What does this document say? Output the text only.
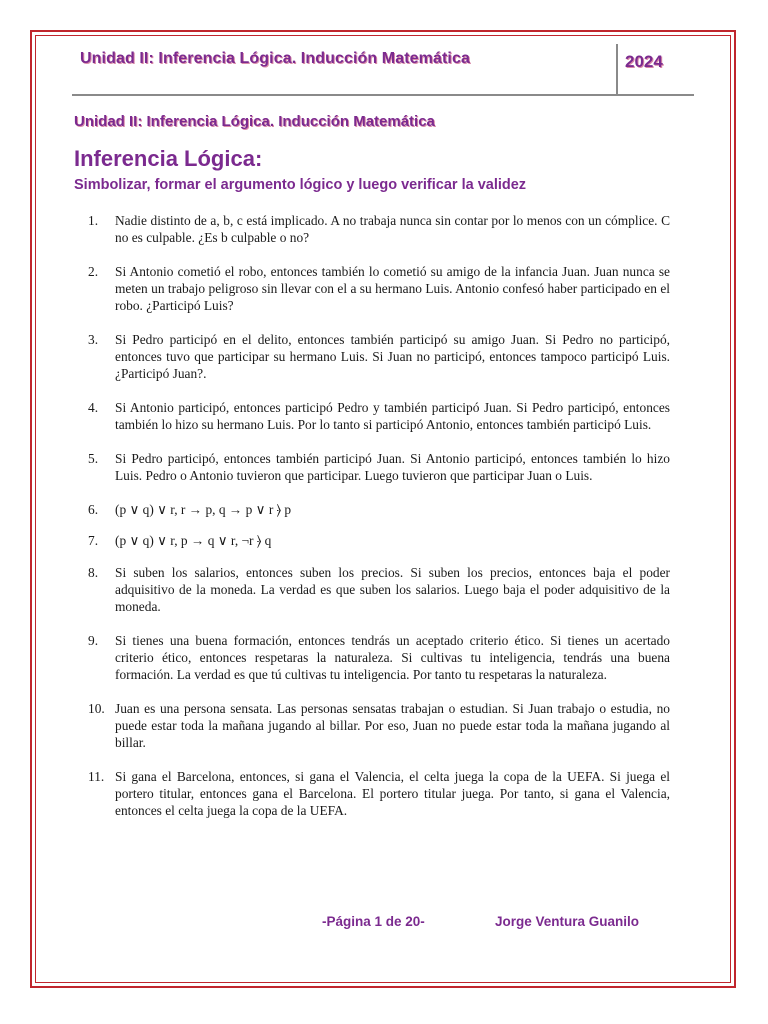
Unidad II: Inferencia Lógica. Inducción Matemática	2024
Unidad II: Inferencia Lógica. Inducción Matemática
Inferencia Lógica:
Simbolizar, formar el argumento lógico y luego verificar la validez
1.	Nadie distinto de a, b, c está implicado. A no trabaja nunca sin contar por lo menos con un cómplice. C no es culpable. ¿Es b culpable o no?
2.	Si Antonio cometió el robo, entonces también lo cometió su amigo de la infancia Juan. Juan nunca se meten un trabajo peligroso sin llevar con el a su hermano Luis. Antonio confesó haber participado en el robo. ¿Participó Luis?
3.	Si Pedro participó en el delito, entonces también participó su amigo Juan. Si Pedro no participó, entonces tuvo que participar su hermano Luis. Si Juan no participó, entonces tampoco participó Luis. ¿Participó Juan?.
4.	Si Antonio participó, entonces participó Pedro y también participó Juan. Si Pedro participó, entonces también lo hizo su hermano Luis. Por lo tanto si participó Antonio, entonces también participó Luis.
5.	Si Pedro participó, entonces también participó Juan. Si Antonio participó, entonces también lo hizo Luis. Pedro o Antonio tuvieron que participar. Luego tuvieron que participar Juan o Luis.
6.	(p ∨ q) ∨ r, r → p, q → p ∨ r ⦒ p
7.	(p ∨ q) ∨ r, p → q ∨ r, ¬r ⦒ q
8.	Si suben los salarios, entonces suben los precios. Si suben los precios, entonces baja el poder adquisitivo de la moneda. La verdad es que suben los salarios. Luego baja el poder adquisitivo de la moneda.
9.	Si tienes una buena formación, entonces tendrás un aceptado criterio ético. Si tienes un acertado criterio ético, entonces respetaras la naturaleza. Si cultivas tu inteligencia, tendrás una buena formación. La verdad es que tú cultivas tu inteligencia. Por tanto tu respetaras la naturaleza.
10. Juan es una persona sensata. Las personas sensatas trabajan o estudian. Si Juan trabajo o estudia, no puede estar toda la mañana jugando al billar. Por eso, Juan no puede estar toda la mañana jugando al billar.
11. Si gana el Barcelona, entonces, si gana el Valencia, el celta juega la copa de la UEFA. Si juega el portero titular, entonces gana el Barcelona. El portero titular juega. Por tanto, si gana el Valencia, entonces el celta juega la copa de la UEFA.
-Página 1 de 20-	Jorge Ventura Guanilo
